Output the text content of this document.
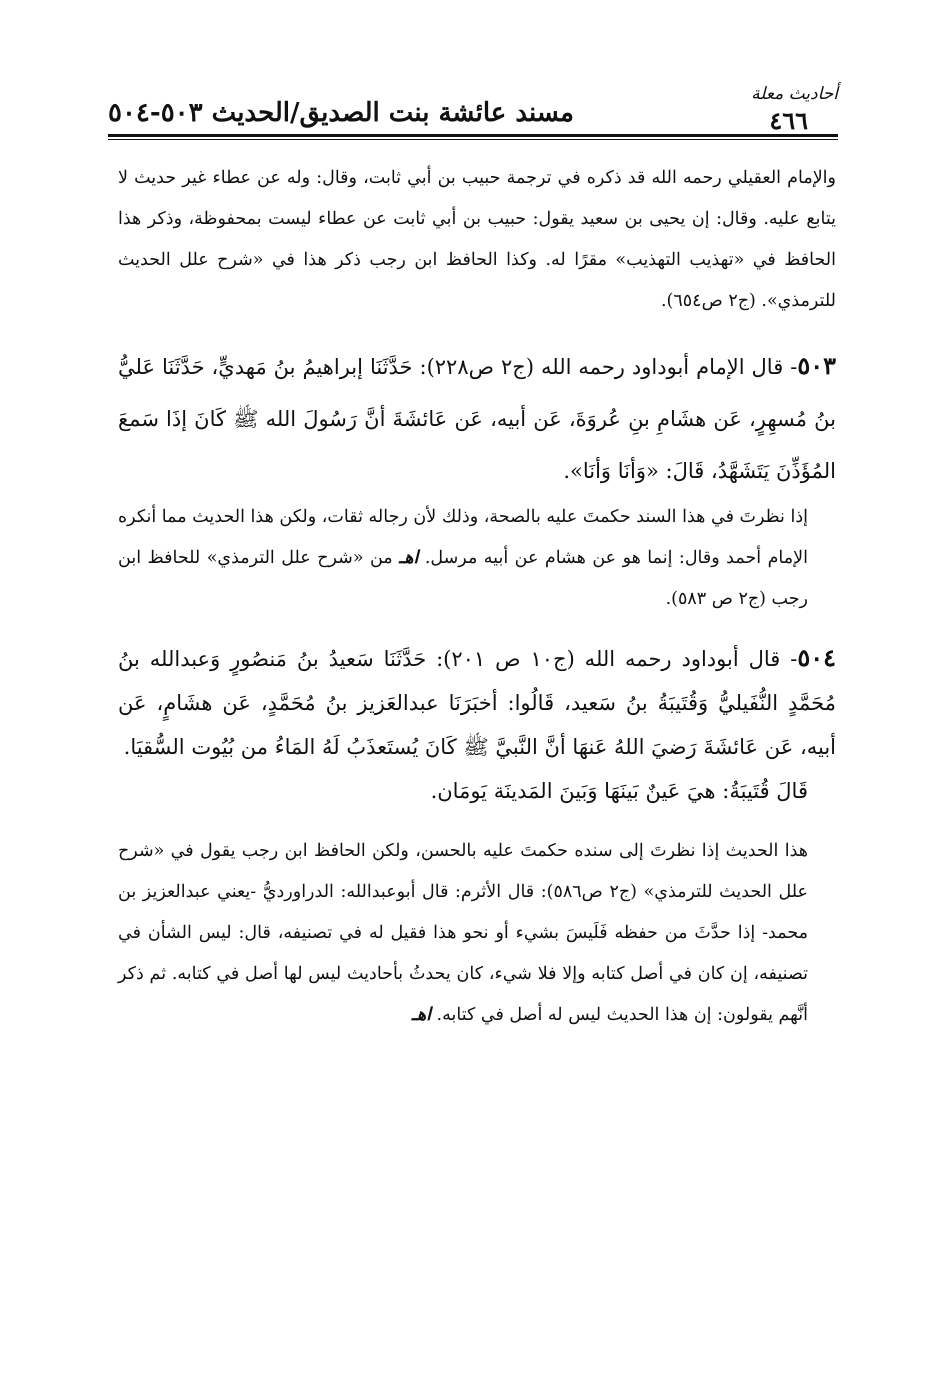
أحاديث معلة
٤٦٦
مسند عائشة بنت الصديق/الحديث ٥٠٣-٥٠٤

والإمام العقيلي رحمه الله قد ذكره في ترجمة حبيب بن أبي ثابت، وقال: وله عن عطاء غير حديث لا يتابع عليه. وقال: إن يحيى بن سعيد يقول: حبيب بن أبي ثابت عن عطاء ليست بمحفوظة، وذكر هذا الحافظ في «تهذيب التهذيب» مقرًا له. وكذا الحافظ ابن رجب ذكر هذا في «شرح علل الحديث للترمذي». (ج٢ ص٦٥٤).

٥٠٣- قال الإمام أبوداود رحمه الله (ج٢ ص٢٢٨): حَدَّثَنَا إبراهيمُ بنُ مَهديٍّ، حَدَّثَنَا عَليُّ بنُ مُسهِرٍ، عَن هشَامِ بنِ عُروَةَ، عَن أبيه، عَن عَائشَةَ أنَّ رَسُولَ الله ﷺ كَانَ إذَا سَمعَ المُؤَذِّنَ يَتَشَهَّدُ، قَالَ: «وَأنَا وَأنَا».

إذا نظرتَ في هذا السند حكمتَ عليه بالصحة، وذلك لأن رجاله ثقات، ولكن هذا الحديث مما أنكره الإمام أحمد وقال: إنما هو عن هشام عن أبيه مرسل. اهـ من «شرح علل الترمذي» للحافظ ابن رجب (ج٢ ص ٥٨٣).

٥٠٤- قال أبوداود رحمه الله (ج١٠ ص ٢٠١): حَدَّثَنَا سَعيدُ بنُ مَنصُورٍ وَعبدالله بنُ مُحَمَّدٍ النُّفَيليُّ وَقُتَيبَةُ بنُ سَعيد، قَالُوا: أخبَرَنَا عبدالعَزيز بنُ مُحَمَّدٍ، عَن هشَامٍ، عَن أبيه، عَن عَائشَةَ رَضيَ اللهُ عَنهَا أنَّ النَّبيَّ ﷺ كَانَ يُستَعذَبُ لَهُ المَاءُ من بُيُوت السُّقيَا.

قَالَ قُتَيبَةُ: هيَ عَينٌ بَينَهَا وَبَينَ المَدينَة يَومَان.

هذا الحديث إذا نظرتَ إلى سنده حكمتَ عليه بالحسن، ولكن الحافظ ابن رجب يقول في «شرح علل الحديث للترمذي» (ج٢ ص٥٨٦): قال الأثرم: قال أبوعبدالله: الدراورديُّ -يعني عبدالعزيز بن محمد- إذا حدَّثَ من حفظه فَلَيسَ بشيء أو نحو هذا فقيل له في تصنيفه، قال: ليس الشأن في تصنيفه، إن كان في أصل كتابه وإلا فلا شيء، كان يحدثُ بأحاديث ليس لها أصل في كتابه. ثم ذكر أنَّهم يقولون: إن هذا الحديث ليس له أصل في كتابه. اهـ
